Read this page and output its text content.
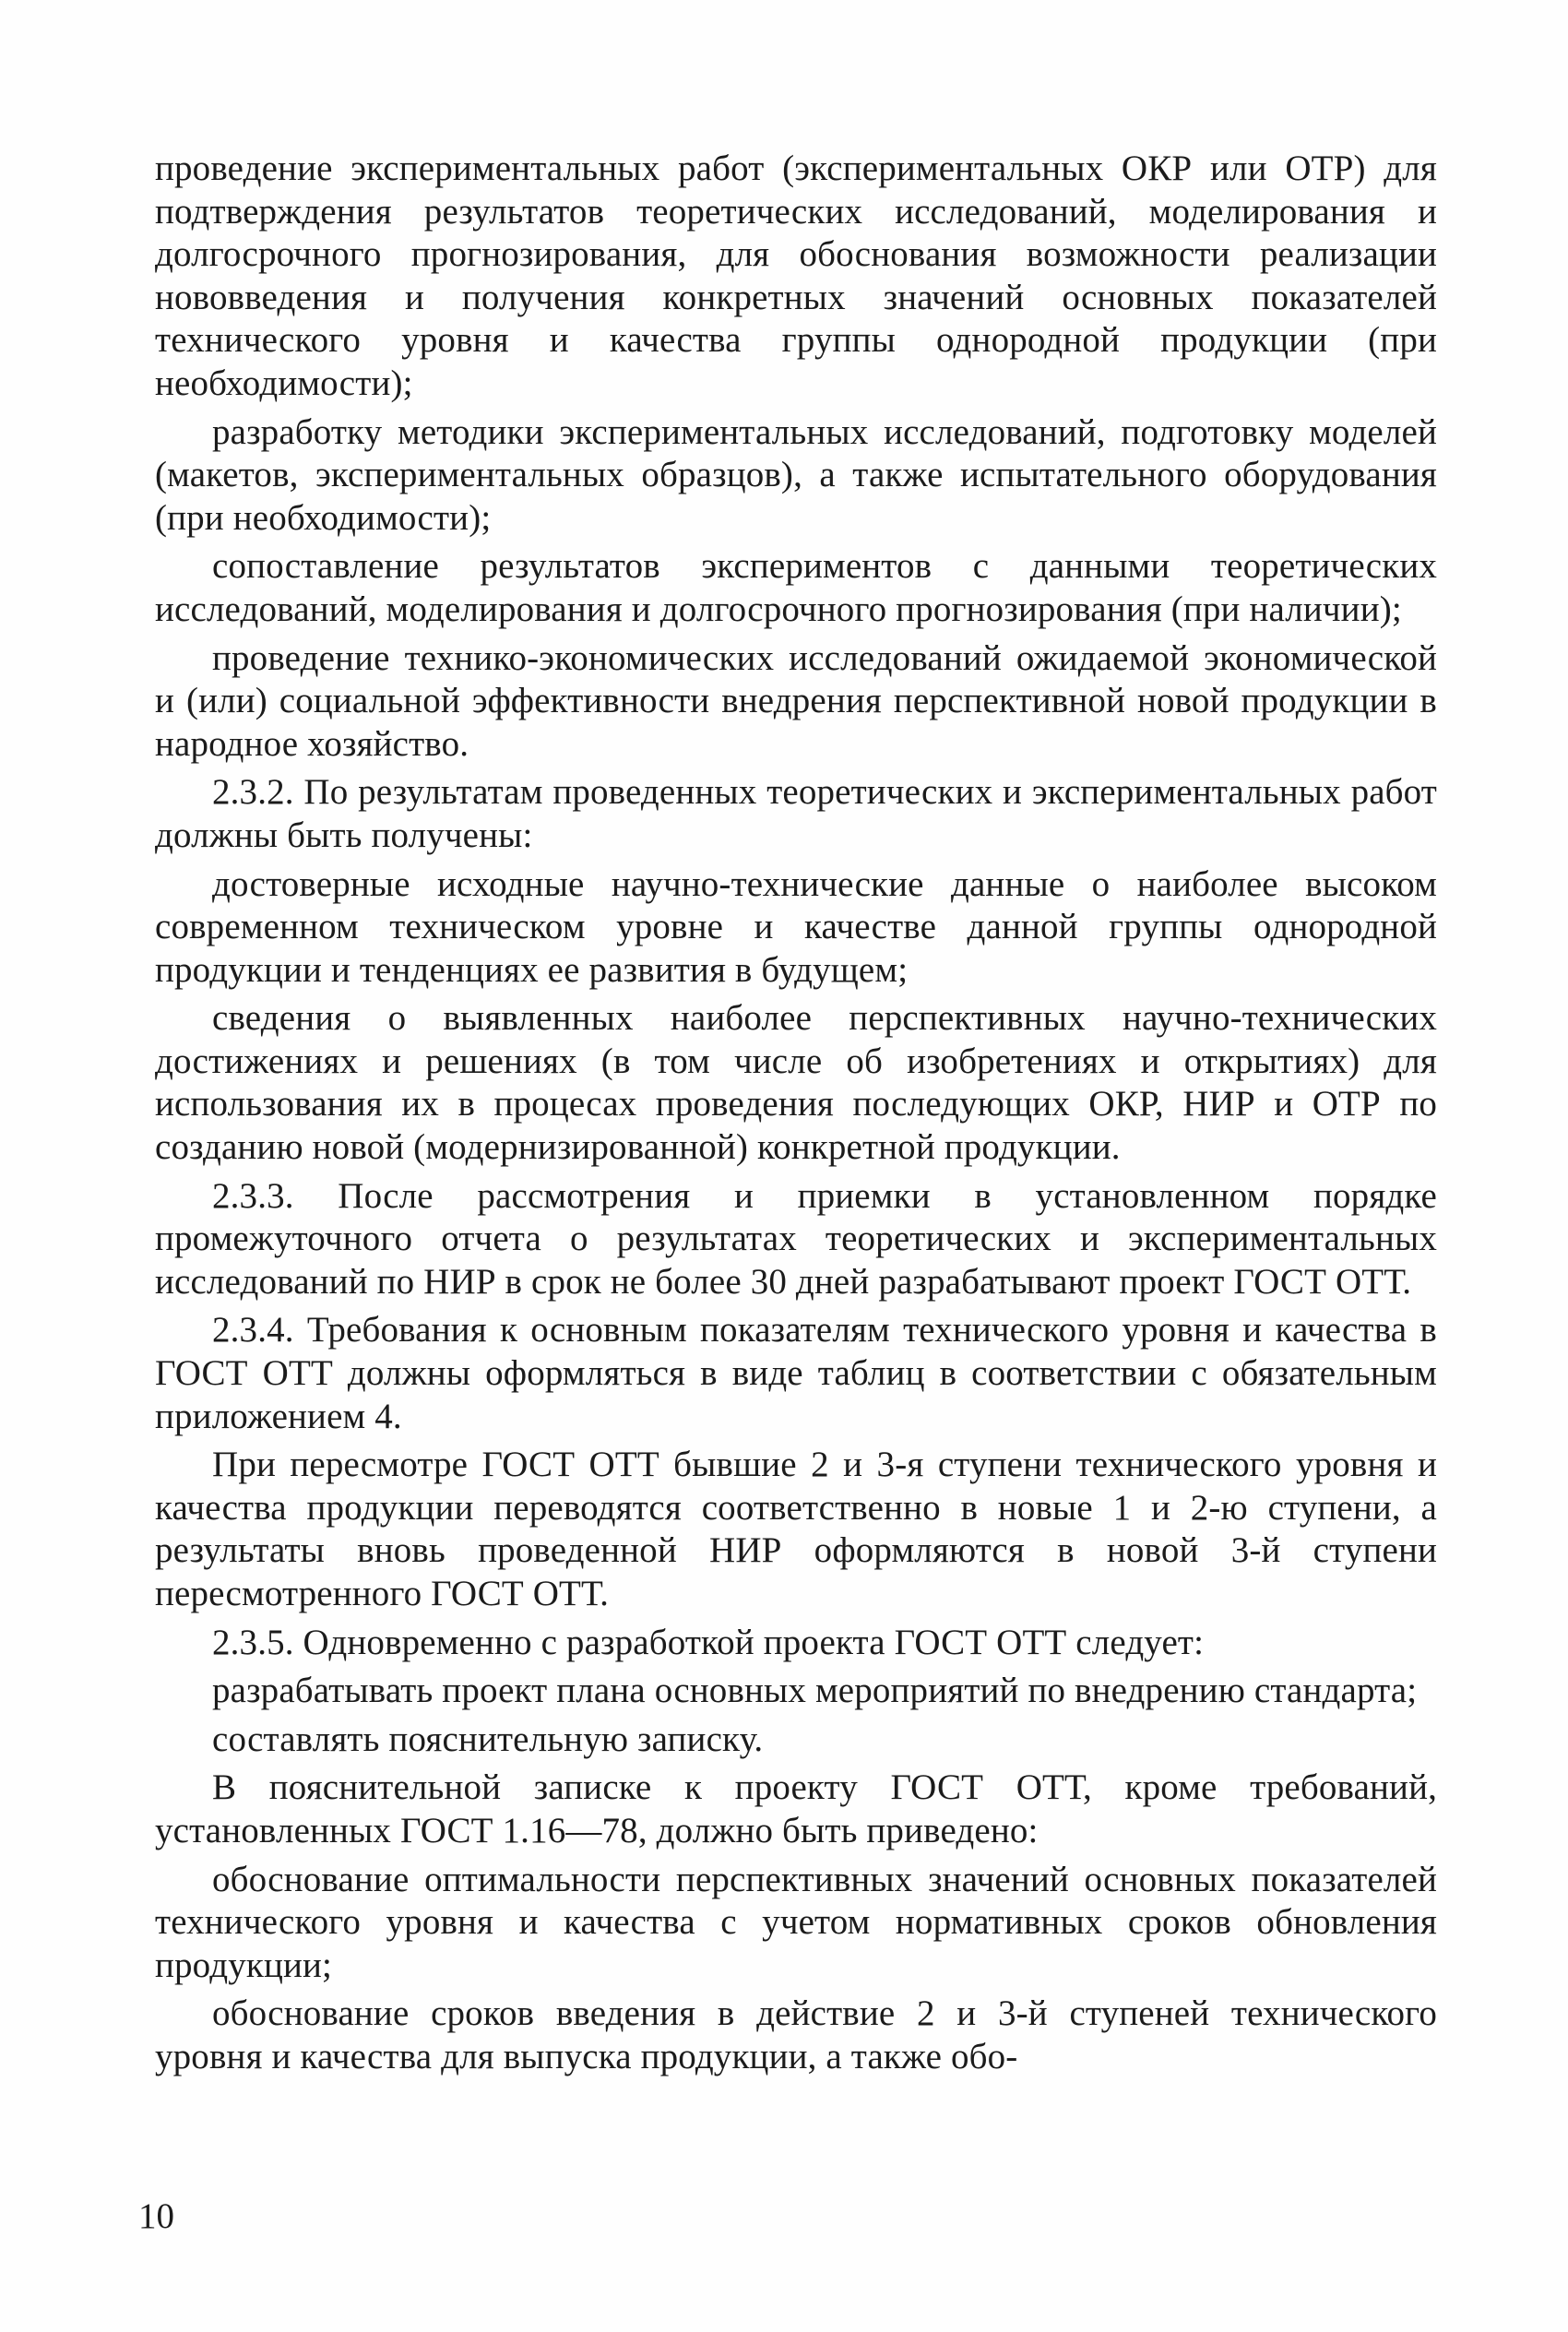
проведение экспериментальных работ (экспериментальных ОКР или ОТР) для подтверждения результатов теоретических исследований, моделирования и долгосрочного прогнозирования, для обоснования возможности реализации нововведения и получения конкретных значений основных показателей технического уровня и качества группы однородной продукции (при необходимости);

разработку методики экспериментальных исследований, подготовку моделей (макетов, экспериментальных образцов), а также испытательного оборудования (при необходимости);

сопоставление результатов экспериментов с данными теоретических исследований, моделирования и долгосрочного прогнозирования (при наличии);

проведение технико-экономических исследований ожидаемой экономической и (или) социальной эффективности внедрения перспективной новой продукции в народное хозяйство.

2.3.2. По результатам проведенных теоретических и экспериментальных работ должны быть получены:

достоверные исходные научно-технические данные о наиболее высоком современном техническом уровне и качестве данной группы однородной продукции и тенденциях ее развития в будущем;

сведения о выявленных наиболее перспективных научно-технических достижениях и решениях (в том числе об изобретениях и открытиях) для использования их в процесах проведения последующих ОКР, НИР и ОТР по созданию новой (модернизированной) конкретной продукции.

2.3.3. После рассмотрения и приемки в установленном порядке промежуточного отчета о результатах теоретических и экспериментальных исследований по НИР в срок не более 30 дней разрабатывают проект ГОСТ ОТТ.

2.3.4. Требования к основным показателям технического уровня и качества в ГОСТ ОТТ должны оформляться в виде таблиц в соответствии с обязательным приложением 4.

При пересмотре ГОСТ ОТТ бывшие 2 и 3-я ступени технического уровня и качества продукции переводятся соответственно в новые 1 и 2-ю ступени, а результаты вновь проведенной НИР оформляются в новой 3-й ступени пересмотренного ГОСТ ОТТ.

2.3.5. Одновременно с разработкой проекта ГОСТ ОТТ следует:

разрабатывать проект плана основных мероприятий по внедрению стандарта;

составлять пояснительную записку.

В пояснительной записке к проекту ГОСТ ОТТ, кроме требований, установленных ГОСТ 1.16—78, должно быть приведено:

обоснование оптимальности перспективных значений основных показателей технического уровня и качества с учетом нормативных сроков обновления продукции;

обоснование сроков введения в действие 2 и 3-й ступеней технического уровня и качества для выпуска продукции, а также обо-

10
